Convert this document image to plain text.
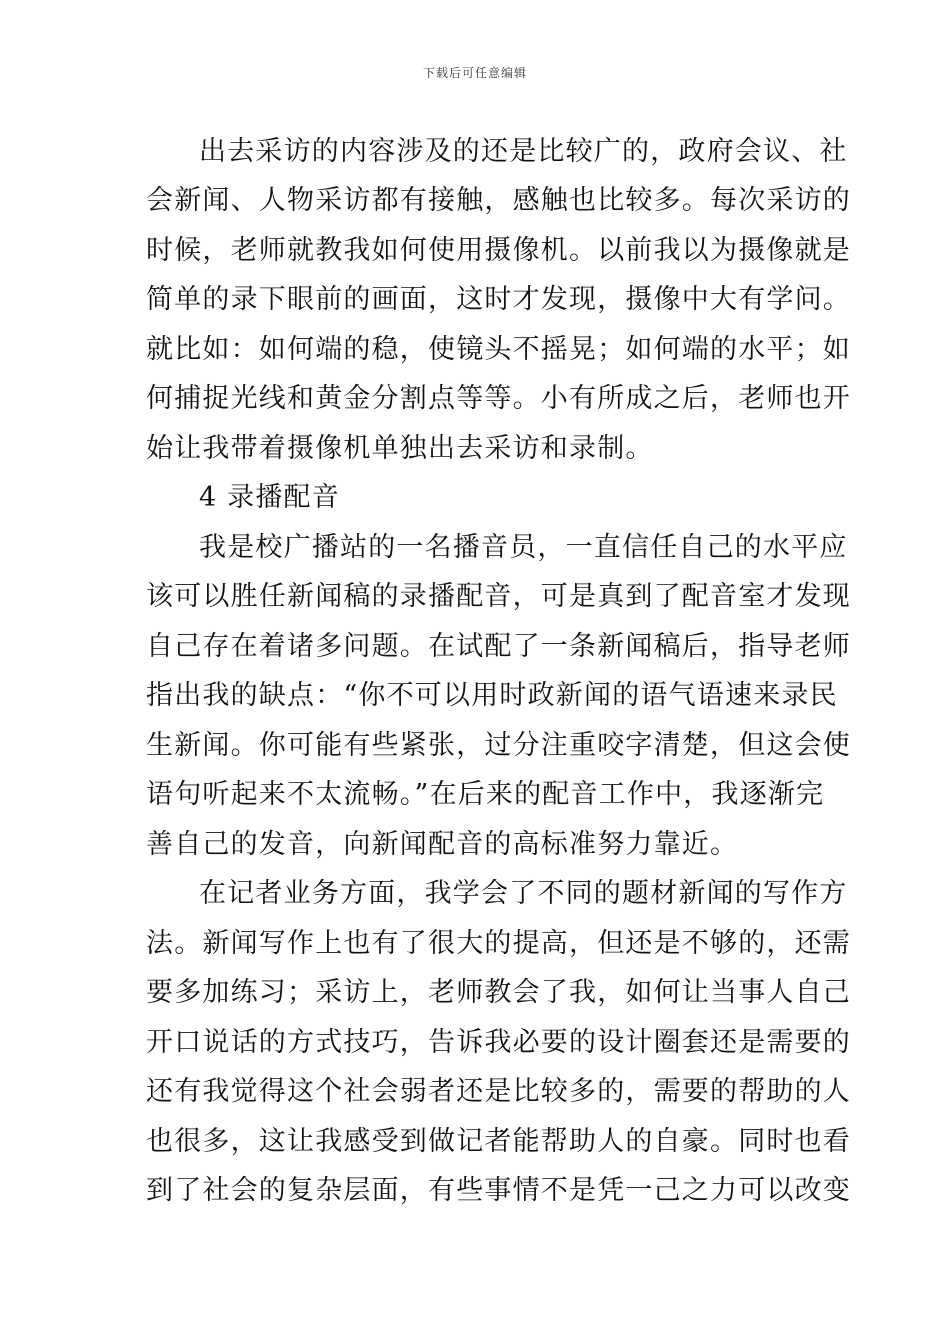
下载后可任意编辑
出去采访的内容涉及的还是比较广的，政府会议、社
会新闻、人物采访都有接触，感触也比较多。每次采访的
时候，老师就教我如何使用摄像机。以前我以为摄像就是
简单的录下眼前的画面，这时才发现，摄像中大有学问。
就比如：如何端的稳，使镜头不摇晃；如何端的水平；如
何捕捉光线和黄金分割点等等。小有所成之后，老师也开
始让我带着摄像机单独出去采访和录制。
4 录播配音
我是校广播站的一名播音员，一直信任自己的水平应
该可以胜任新闻稿的录播配音，可是真到了配音室才发现
自己存在着诸多问题。在试配了一条新闻稿后，指导老师
指出我的缺点：“你不可以用时政新闻的语气语速来录民
生新闻。你可能有些紧张，过分注重咬字清楚，但这会使
语句听起来不太流畅。”在后来的配音工作中，我逐渐完
善自己的发音，向新闻配音的高标准努力靠近。
在记者业务方面，我学会了不同的题材新闻的写作方
法。新闻写作上也有了很大的提高，但还是不够的，还需
要多加练习；采访上，老师教会了我，如何让当事人自己
开口说话的方式技巧，告诉我必要的设计圈套还是需要的
还有我觉得这个社会弱者还是比较多的，需要的帮助的人
也很多，这让我感受到做记者能帮助人的自豪。同时也看
到了社会的复杂层面，有些事情不是凭一己之力可以改变
